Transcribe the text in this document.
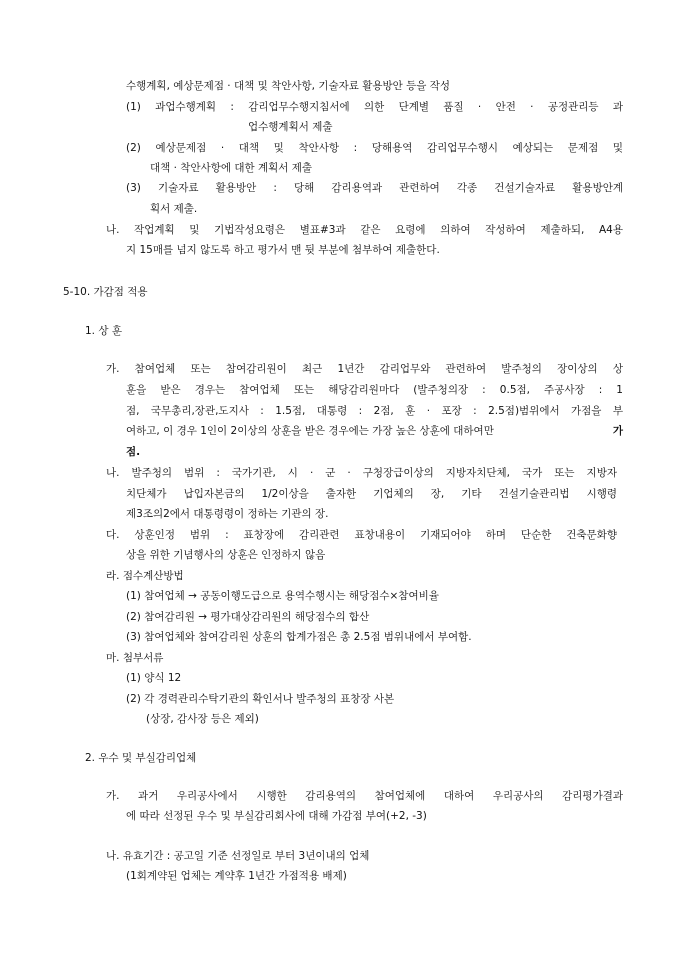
수행계획, 예상문제점 · 대책 및 착안사항, 기술자료 활용방안 등을 작성
(1) 과업수행계획 : 감리업무수행지침서에 의한 단계별 품질 · 안전 · 공정관리등 과
업수행계획서 제출
(2) 예상문제점 · 대책 및 착안사항 : 당해용역 감리업무수행시 예상되는 문제점 및
대책 · 착안사항에 대한 계획서 제출
(3) 기술자료 활용방안 : 당해 감리용역과 관련하여 각종 건설기술자료 활용방안계
획서 제출.
나. 작업계획 및 기법작성요령은 별표#3과 같은 요령에 의하여 작성하여 제출하되, A4용
지 15매를 넘지 않도록 하고 평가서 맨 뒷 부분에 첨부하여 제출한다.
5-10. 가감점 적용
1. 상 훈
가. 참여업체 또는 참여감리원이 최근 1년간 감리업무와 관련하여 발주청의 장이상의 상
훈을 받은 경우는 참여업체 또는 해당감리원마다 (발주청의장 : 0.5점, 주공사장 : 1
점, 국무총리,장관,도지사 : 1.5점, 대통령 : 2점, 훈 · 포장 : 2.5점)범위에서 가점을 부
여하고, 이 경우 1인이 2이상의 상훈을 받은 경우에는 가장 높은 상훈에 대하여만	가
점.
나. 발주청의 범위 : 국가기관, 시 · 군 · 구청장급이상의 지방자치단체, 국가 또는 지방자
치단체가 납입자본금의 1/2이상을 출자한 기업체의 장, 기타 건설기술관리법 시행령
제3조의2에서 대통령령이 정하는 기관의 장.
다. 상훈인정 범위 : 표창장에 감리관련 표창내용이 기재되어야 하며 단순한 건축문화향
상을 위한 기념행사의 상훈은 인정하지 않음
라. 점수계산방법
(1) 참여업체 → 공동이행도급으로 용역수행시는 해당점수×참여비율
(2) 참여감리원 → 평가대상감리원의 해당점수의 합산
(3) 참여업체와 참여감리원 상훈의 합계가점은 총 2.5점 범위내에서 부여함.
마. 첨부서류
(1) 양식 12
(2) 각 경력관리수탁기관의 확인서나 발주청의 표창장 사본
(상장, 감사장 등은 제외)
2. 우수 및 부실감리업체
가. 과거 우리공사에서 시행한 감리용역의 참여업체에 대하여 우리공사의 감리평가결과
에 따라 선정된 우수 및 부실감리회사에 대해 가감점 부여(+2, -3)
나. 유효기간 : 공고일 기준 선정일로 부터 3년이내의 업체
(1회계약된 업체는 계약후 1년간 가점적용 배제)
